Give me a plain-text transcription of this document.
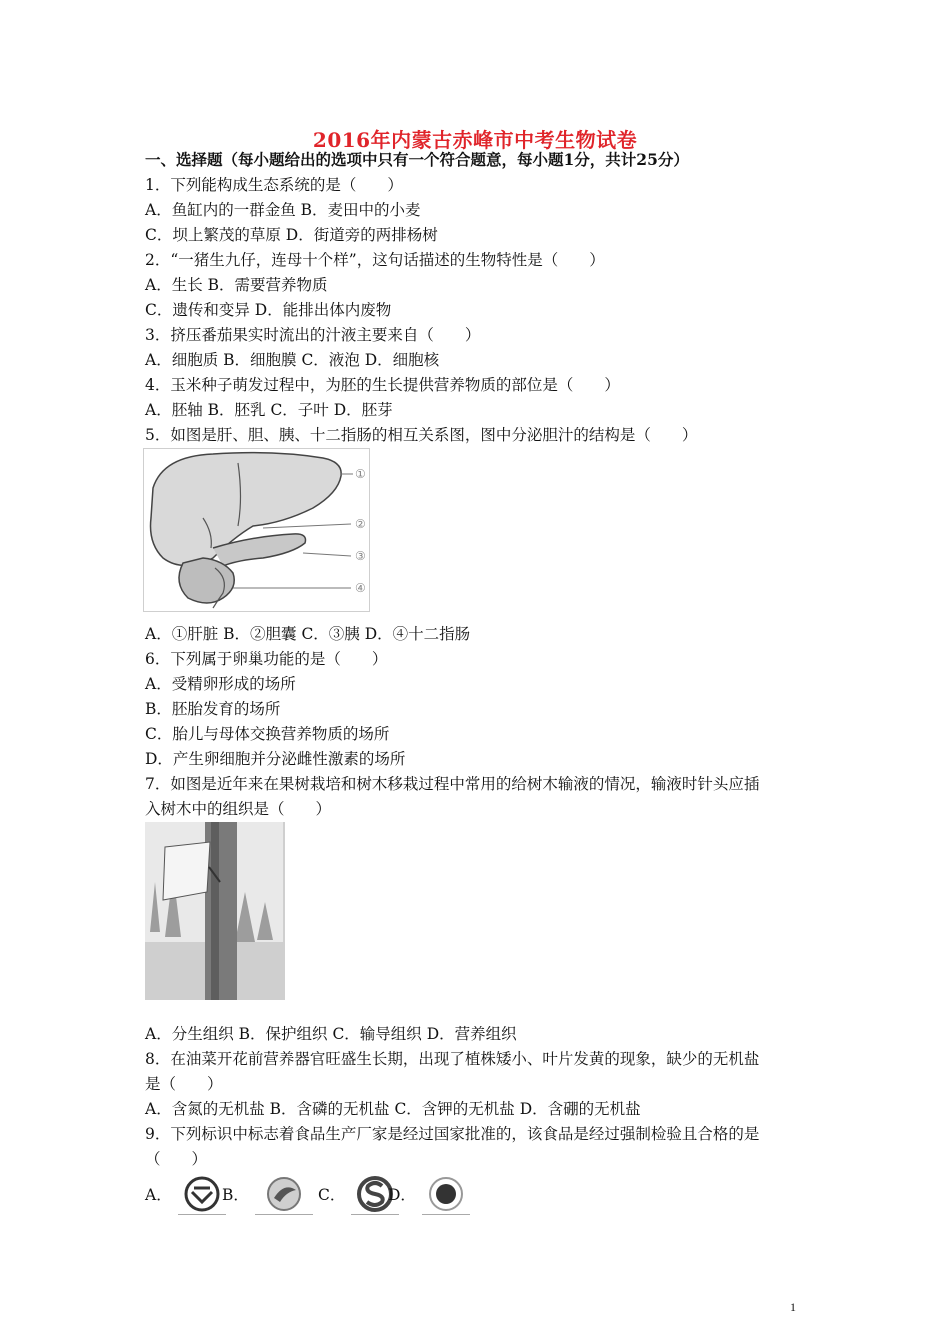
2016年内蒙古赤峰市中考生物试卷
一、选择题（每小题给出的选项中只有一个符合题意，每小题1分，共计25分）
1．下列能构成生态系统的是（　　）
A．鱼缸内的一群金鱼 B．麦田中的小麦
C．坝上繁茂的草原 D．街道旁的两排杨树
2．“一猪生九仔，连母十个样”，这句话描述的生物特性是（　　）
A．生长 B．需要营养物质
C．遗传和变异 D．能排出体内废物
3．挤压番茄果实时流出的汁液主要来自（　　）
A．细胞质 B．细胞膜 C．液泡 D．细胞核
4．玉米种子萌发过程中，为胚的生长提供营养物质的部位是（　　）
A．胚轴 B．胚乳 C．子叶 D．胚芽
5．如图是肝、胆、胰、十二指肠的相互关系图，图中分泌胆汁的结构是（　　）
①
②
③
④
A．①肝脏 B．②胆囊 C．③胰 D．④十二指肠
6．下列属于卵巢功能的是（　　）
A．受精卵形成的场所
B．胚胎发育的场所
C．胎儿与母体交换营养物质的场所
D．产生卵细胞并分泌雌性激素的场所
7．如图是近年来在果树栽培和树木移栽过程中常用的给树木输液的情况，输液时针头应插
入树木中的组织是（　　）
A．分生组织 B．保护组织 C．输导组织 D．营养组织
8．在油菜开花前营养器官旺盛生长期，出现了植株矮小、叶片发黄的现象，缺少的无机盐
是（　　）
A．含氮的无机盐 B．含磷的无机盐 C．含钾的无机盐 D．含硼的无机盐
9．下列标识中标志着食品生产厂家是经过国家批准的，该食品是经过强制检验且合格的是
（　　）
A．	B．	C．	D．
1
